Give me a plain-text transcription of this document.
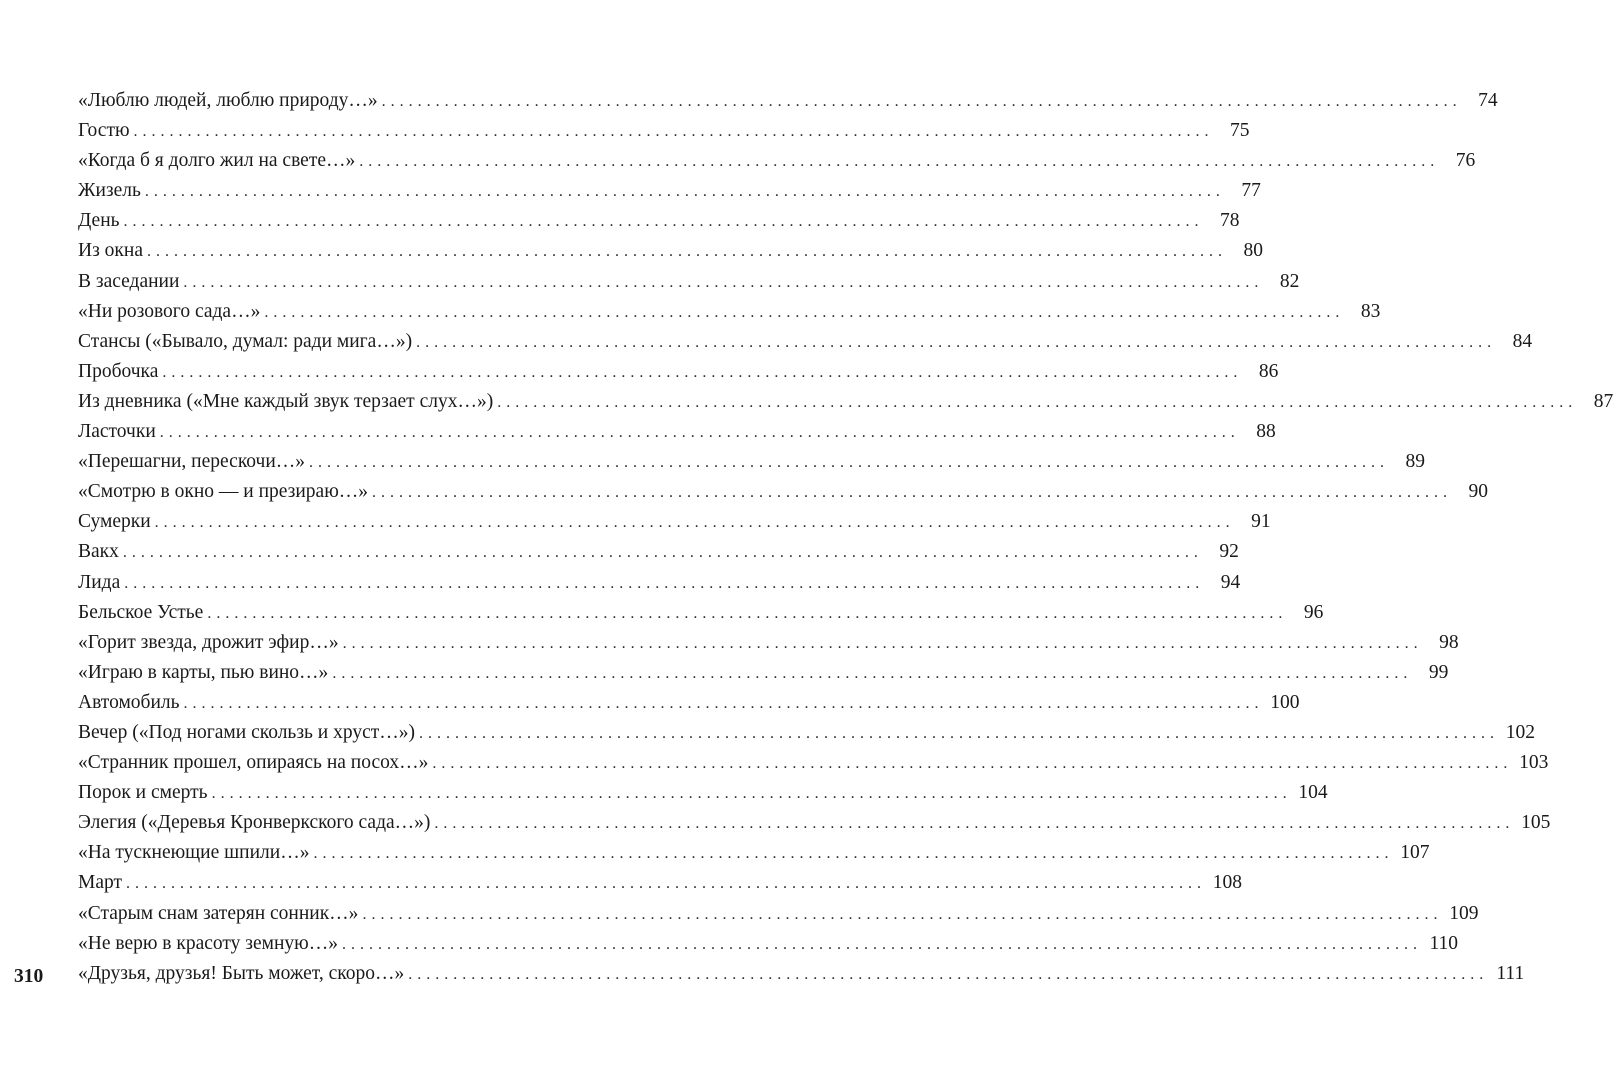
«Люблю людей, люблю природу…» ........................................................................................................................ 74
Гостю ........................................................................................................................ 75
«Когда б я долго жил на свете…» ........................................................................................................................ 76
Жизель ........................................................................................................................ 77
День ........................................................................................................................ 78
Из окна ........................................................................................................................ 80
В заседании ........................................................................................................................ 82
«Ни розового сада…» ........................................................................................................................ 83
Стансы («Бывало, думал: ради мига…») ........................................................................................................................ 84
Пробочка ........................................................................................................................ 86
Из дневника («Мне каждый звук терзает слух…») ........................................................................................................................ 87
Ласточки ........................................................................................................................ 88
«Перешагни, перескочи…» ........................................................................................................................ 89
«Смотрю в окно — и презираю…» ........................................................................................................................ 90
Сумерки ........................................................................................................................ 91
Вакх ........................................................................................................................ 92
Лида ........................................................................................................................ 94
Бельское Устье ........................................................................................................................ 96
«Горит звезда, дрожит эфир…» ........................................................................................................................ 98
«Играю в карты, пью вино…» ........................................................................................................................ 99
Автомобиль ........................................................................................................................ 100
Вечер («Под ногами скользь и хруст…») ........................................................................................................................ 102
«Странник прошел, опираясь на посох…» ........................................................................................................................ 103
Порок и смерть ........................................................................................................................ 104
Элегия («Деревья Кронверкского сада…») ........................................................................................................................ 105
«На тускнеющие шпили…» ........................................................................................................................ 107
Март ........................................................................................................................ 108
«Старым снам затерян сонник…» ........................................................................................................................ 109
«Не верю в красоту земную…» ........................................................................................................................ 110
«Друзья, друзья! Быть может, скоро…» ........................................................................................................................ 111
310
